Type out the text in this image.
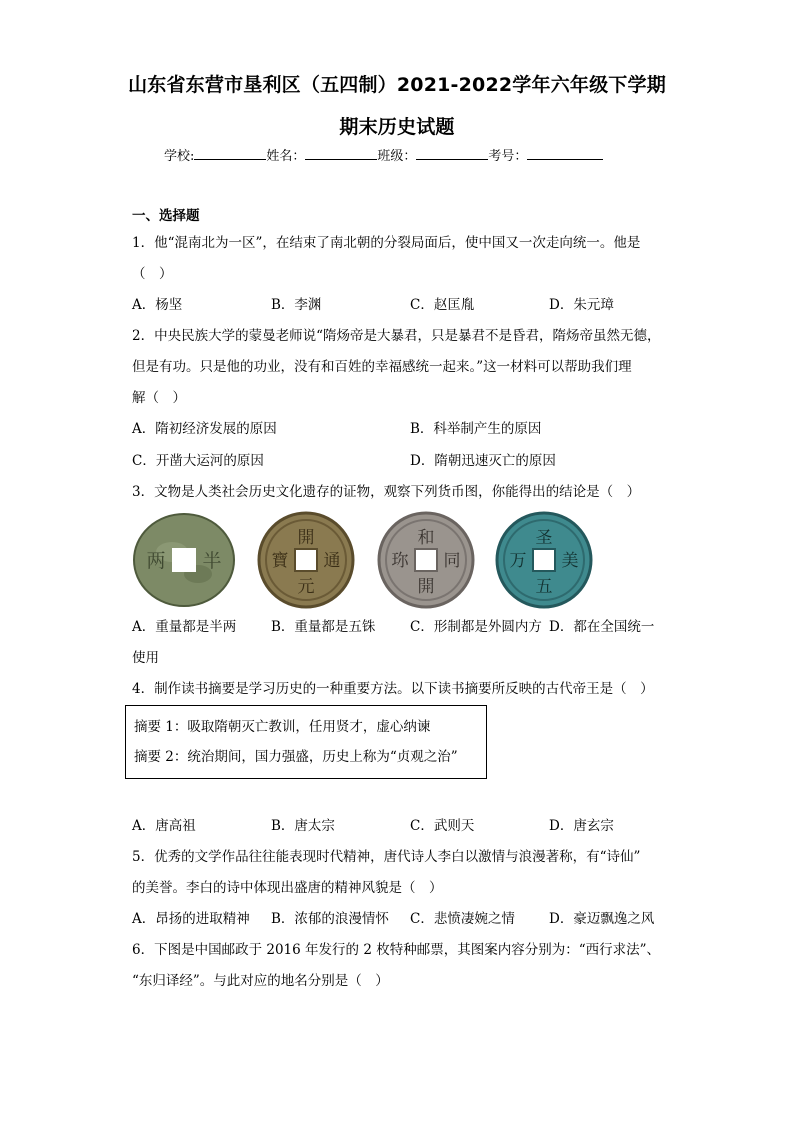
山东省东营市垦利区（五四制）2021-2022学年六年级下学期
期末历史试题
学校:	姓名：	班级：	考号：
一、选择题
1．他“混南北为一区”，在结束了南北朝的分裂局面后，使中国又一次走向统一。他是
（　）
A．杨坚	B．李渊	C．赵匡胤	D．朱元璋
2．中央民族大学的蒙曼老师说“隋炀帝是大暴君，只是暴君不是昏君，隋炀帝虽然无德，
但是有功。只是他的功业，没有和百姓的幸福感统一起来。”这一材料可以帮助我们理
解（　）
A．隋初经济发展的原因	B．科举制产生的原因
C．开凿大运河的原因	D．隋朝迅速灭亡的原因
3．文物是人类社会历史文化遗存的证物，观察下列货币图，你能得出的结论是（　）
两 半
開
元
通
寶
和
同
開
珎
圣
五
美
万
A．重量都是半两	B．重量都是五铢	C．形制都是外圆内方 D．都在全国统一
使用
4．制作读书摘要是学习历史的一种重要方法。以下读书摘要所反映的古代帝王是（　）
摘要 1：吸取隋朝灭亡教训，任用贤才，虚心纳谏
摘要 2：统治期间，国力强盛，历史上称为“贞观之治”
A．唐高祖	B．唐太宗	C．武则天	D．唐玄宗
5．优秀的文学作品往往能表现时代精神，唐代诗人李白以激情与浪漫著称，有“诗仙”
的美誉。李白的诗中体现出盛唐的精神风貌是（　）
A．昂扬的进取精神 B．浓郁的浪漫情怀 C．悲愤凄婉之情	D．豪迈飘逸之风
6．下图是中国邮政于 2016 年发行的 2 枚特种邮票，其图案内容分别为：“西行求法”、
“东归译经”。与此对应的地名分别是（　）
